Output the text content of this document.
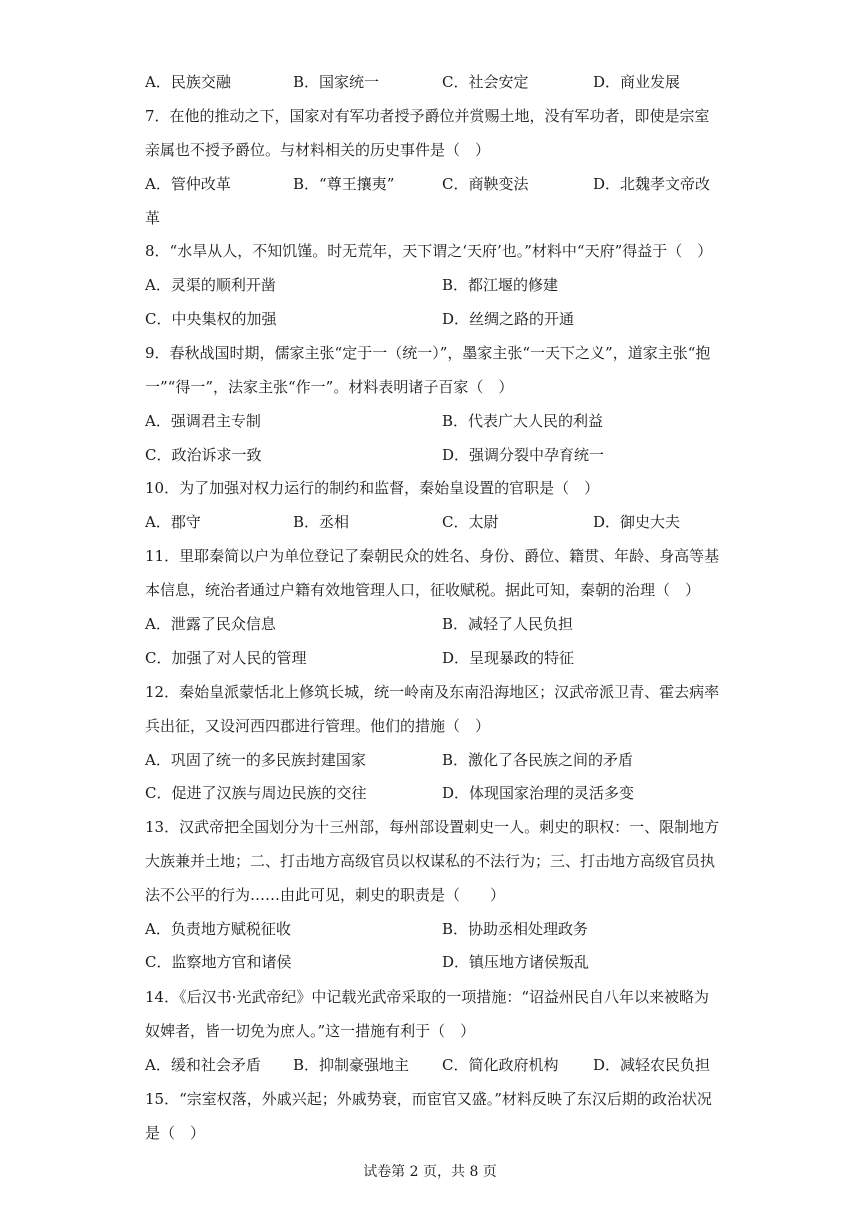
A．民族交融	B．国家统一	C．社会安定	D．商业发展
7．在他的推动之下，国家对有军功者授予爵位并赏赐土地，没有军功者，即使是宗室
亲属也不授予爵位。与材料相关的历史事件是（　）
A．管仲改革	B．“尊王攘夷”	C．商鞅变法	D．北魏孝文帝改
革
8．“水旱从人，不知饥馑。时无荒年，天下谓之‘天府’也。”材料中“天府”得益于（　）
A．灵渠的顺利开凿	B．都江堰的修建
C．中央集权的加强	D．丝绸之路的开通
9．春秋战国时期，儒家主张“定于一（统一）”，墨家主张“一天下之义”，道家主张“抱
一”“得一”，法家主张“作一”。材料表明诸子百家（　）
A．强调君主专制	B．代表广大人民的利益
C．政治诉求一致	D．强调分裂中孕育统一
10．为了加强对权力运行的制约和监督，秦始皇设置的官职是（　）
A．郡守	B．丞相	C．太尉	D．御史大夫
11．里耶秦简以户为单位登记了秦朝民众的姓名、身份、爵位、籍贯、年龄、身高等基
本信息，统治者通过户籍有效地管理人口，征收赋税。据此可知，秦朝的治理（　）
A．泄露了民众信息	B．减轻了人民负担
C．加强了对人民的管理	D．呈现暴政的特征
12．秦始皇派蒙恬北上修筑长城，统一岭南及东南沿海地区；汉武帝派卫青、霍去病率
兵出征，又设河西四郡进行管理。他们的措施（　）
A．巩固了统一的多民族封建国家	B．激化了各民族之间的矛盾
C．促进了汉族与周边民族的交往	D．体现国家治理的灵活多变
13．汉武帝把全国划分为十三州部，每州部设置刺史一人。刺史的职权：一、限制地方
大族兼并土地；二、打击地方高级官员以权谋私的不法行为；三、打击地方高级官员执
法不公平的行为……由此可见，刺史的职责是（　　）
A．负责地方赋税征收	B．协助丞相处理政务
C．监察地方官和诸侯	D．镇压地方诸侯叛乱
14．《后汉书·光武帝纪》中记载光武帝采取的一项措施：“诏益州民自八年以来被略为
奴婢者，皆一切免为庶人。”这一措施有利于（　）
A．缓和社会矛盾 B．抑制豪强地主 C．简化政府机构 D．减轻农民负担
15．“宗室权落，外戚兴起；外戚势衰，而宦官又盛。”材料反映了东汉后期的政治状况
是（　）
试卷第 2 页，共 8 页
